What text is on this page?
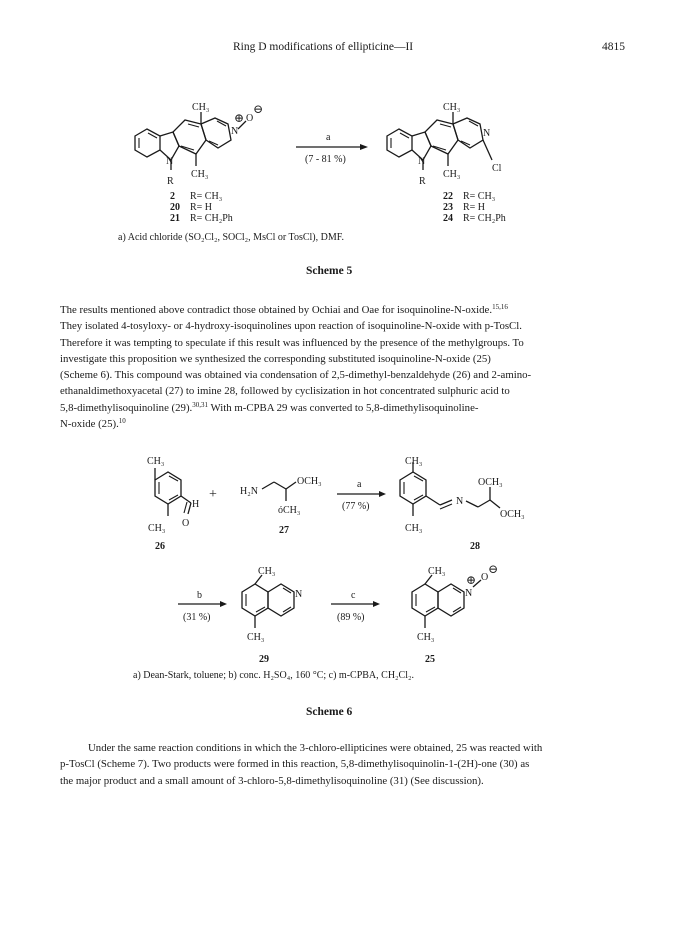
Ring D modifications of ellipticine—II	4815
CH₃
CH₃
N
R
N
⊕ O
⊖
a
(7 - 81 %)
CH₃
CH₃
N
R
N
Cl
2 R= CH₃
20 R= H
21 R= CH₂Ph
22 R= CH₃
23 R= H
24 R= CH₂Ph
a) Acid chloride (SO₂Cl₂, SOCl₂, MsCl or TosCl), DMF.
Scheme 5

The results mentioned above contradict those obtained by Ochiai and Oae for isoquinoline-N-oxide.$^{15,16}$

They isolated 4-tosyloxy- or 4-hydroxy-isoquinolines upon reaction of isoquinoline-N-oxide with p-TosCl.

Therefore it was tempting to speculate if this result was influenced by the presence of the methylgroups. To

investigate this proposition we synthesized the corresponding substituted isoquinoline-N-oxide (25)

(Scheme 6). This compound was obtained via condensation of 2,5-dimethyl-benzaldehyde (26) and 2-amino-

ethanaldimethoxyacetal (27) to imine 28, followed by cyclisization in hot concentrated sulphuric acid to

5,8-dimethylisoquinoline (29).$^{30,31}$ With m-CPBA 29 was converted to 5,8-dimethylisoquinoline-

N-oxide (25).$^{10}$

CH₃
CH₃ O
H
+ H₂N
OCH₃
óCH₃
a
(77 %)
CH₃
CH₃
N
OCH₃
OCH₃
b
(31 %)
CH₃
N
CH₃
c
(89 %)
CH₃
N
⊕ O
⊖
CH₃
26
27
28
29	25
a) Dean-Stark, toluene; b) conc. H₂SO₄, 160 °C; c) m-CPBA, CH₂Cl₂.
Scheme 6

Under the same reaction conditions in which the 3-chloro-ellipticines were obtained, 25 was reacted with

p-TosCl (Scheme 7). Two products were formed in this reaction, 5,8-dimethylisoquinolin-1-(2H)-one (30) as

the major product and a small amount of 3-chloro-5,8-dimethylisoquinoline (31) (See discussion).
